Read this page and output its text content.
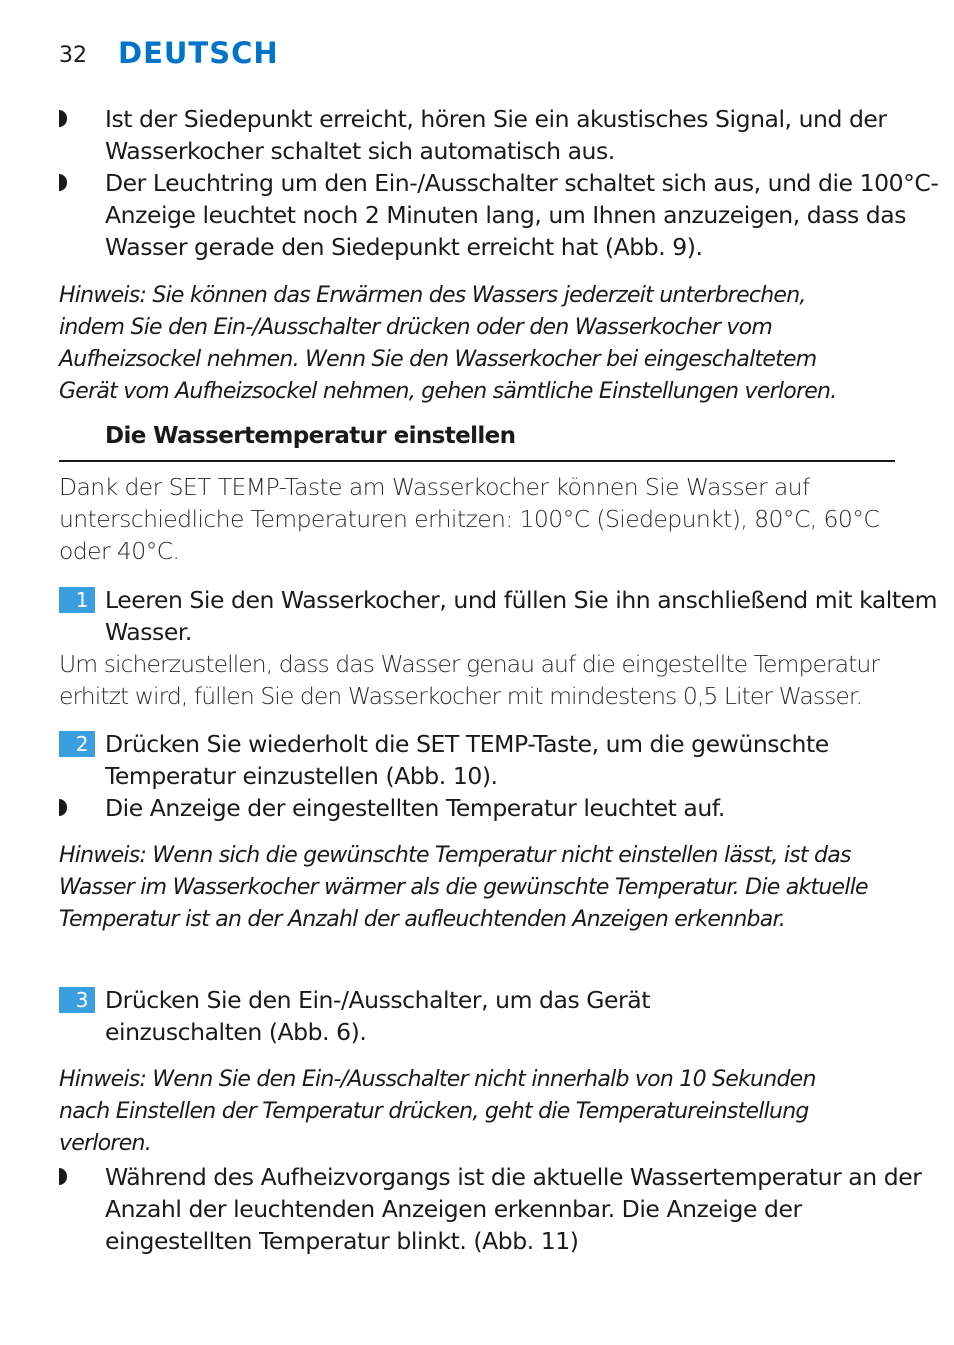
32 DEUTSCH
Ist der Siedepunkt erreicht, hören Sie ein akustisches Signal, und der Wasserkocher schaltet sich automatisch aus.
Der Leuchtring um den Ein-/Ausschalter schaltet sich aus, und die 100°C-Anzeige leuchtet noch 2 Minuten lang, um Ihnen anzuzeigen, dass das Wasser gerade den Siedepunkt erreicht hat (Abb. 9).
Hinweis: Sie können das Erwärmen des Wassers jederzeit unterbrechen, indem Sie den Ein-/Ausschalter drücken oder den Wasserkocher vom Aufheizsockel nehmen. Wenn Sie den Wasserkocher bei eingeschaltetem Gerät vom Aufheizsockel nehmen, gehen sämtliche Einstellungen verloren.
Die Wassertemperatur einstellen
Dank der SET TEMP-Taste am Wasserkocher können Sie Wasser auf unterschiedliche Temperaturen erhitzen: 100°C (Siedepunkt), 80°C, 60°C oder 40°C.
1 Leeren Sie den Wasserkocher, und füllen Sie ihn anschließend mit kaltem Wasser.
Um sicherzustellen, dass das Wasser genau auf die eingestellte Temperatur erhitzt wird, füllen Sie den Wasserkocher mit mindestens 0,5 Liter Wasser.
2 Drücken Sie wiederholt die SET TEMP-Taste, um die gewünschte Temperatur einzustellen (Abb. 10).
Die Anzeige der eingestellten Temperatur leuchtet auf.
Hinweis: Wenn sich die gewünschte Temperatur nicht einstellen lässt, ist das Wasser im Wasserkocher wärmer als die gewünschte Temperatur. Die aktuelle Temperatur ist an der Anzahl der aufleuchtenden Anzeigen erkennbar.
3 Drücken Sie den Ein-/Ausschalter, um das Gerät einzuschalten (Abb. 6).
Hinweis: Wenn Sie den Ein-/Ausschalter nicht innerhalb von 10 Sekunden nach Einstellen der Temperatur drücken, geht die Temperatureinstellung verloren.
Während des Aufheizvorgangs ist die aktuelle Wassertemperatur an der Anzahl der leuchtenden Anzeigen erkennbar. Die Anzeige der eingestellten Temperatur blinkt. (Abb. 11)
